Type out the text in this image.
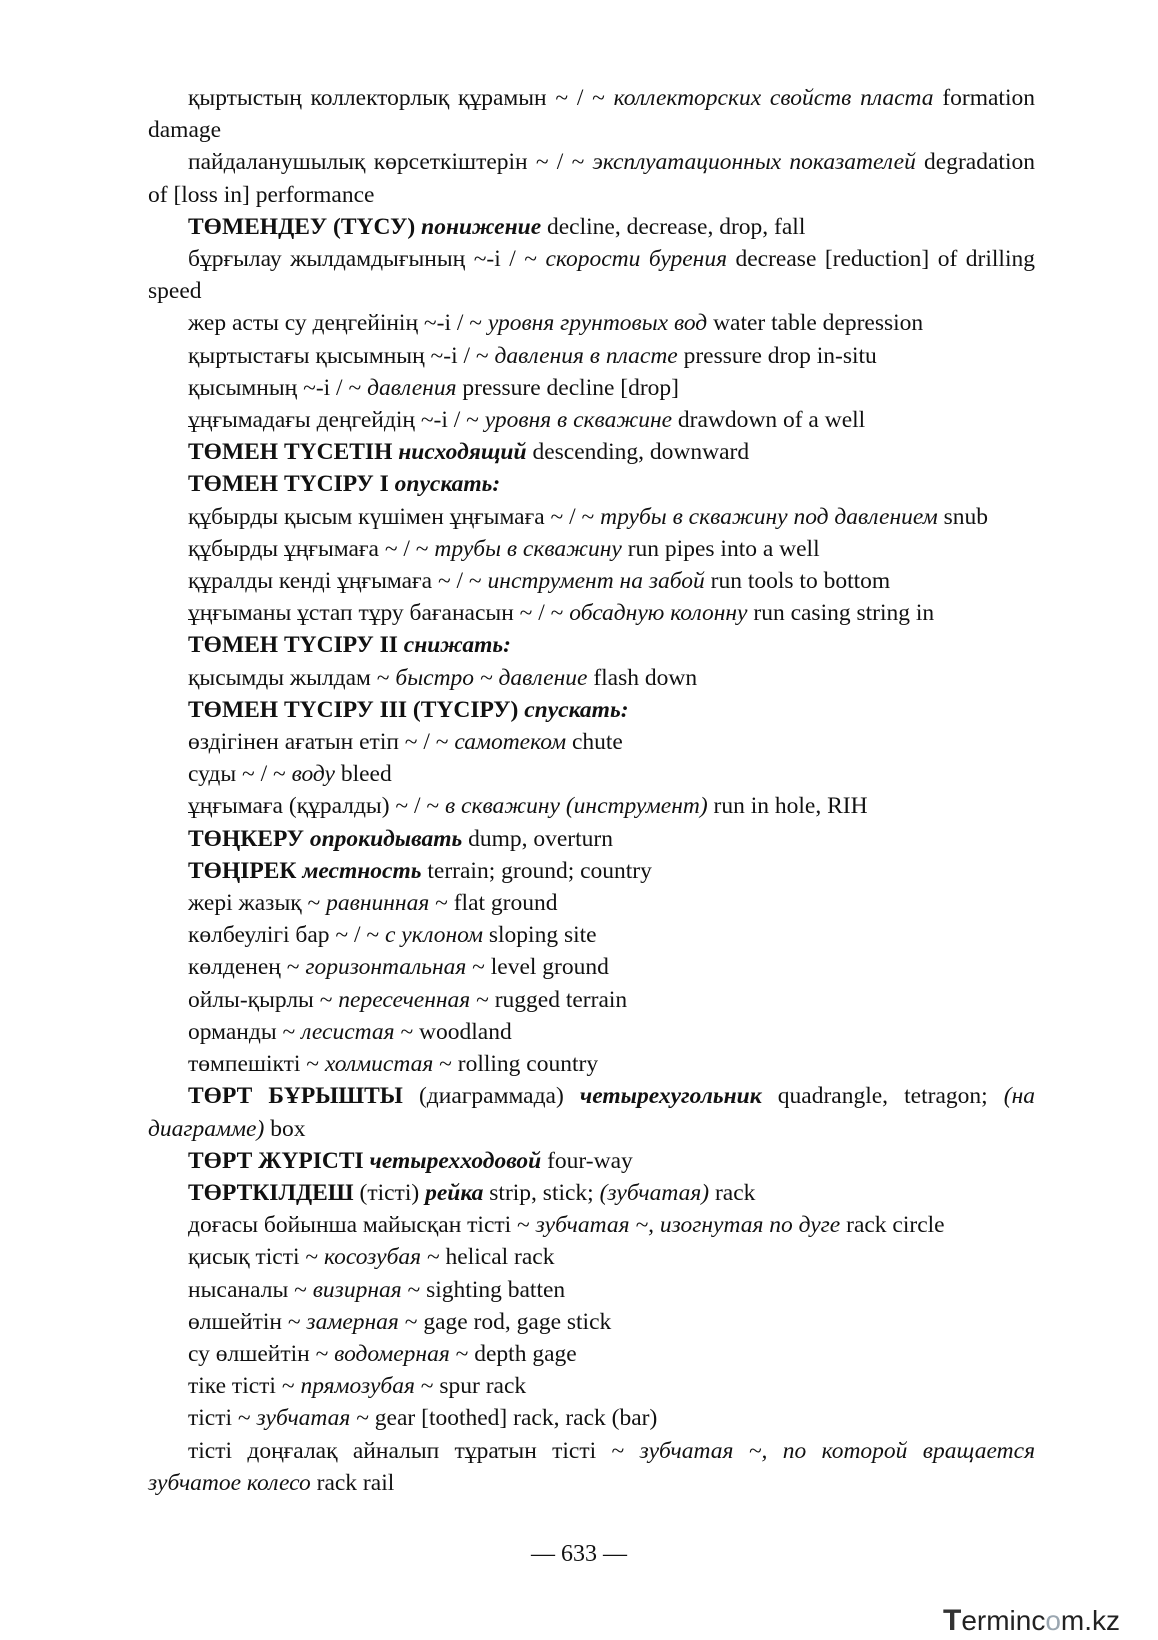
қыртыстың коллекторлық құрамын ~ / ~ коллекторских свойств пласта formation damage

пайдаланушылық көрсеткіштерін ~ / ~ эксплуатационных показателей degradation of [loss in] performance

ТӨМЕНДЕУ (ТҮСУ) понижение decline, decrease, drop, fall

бұрғылау жылдамдығының ~-і / ~ скорости бурения decrease [reduction] of drilling speed

жер асты су деңгейінің ~-і / ~ уровня грунтовых вод water table depression

қыртыстағы қысымның ~-і / ~ давления в пласте pressure drop in-situ

қысымның ~-і / ~ давления pressure decline [drop]

ұңғымадағы деңгейдің ~-і / ~ уровня в скважине drawdown of a well

ТӨМЕН ТҮСЕТІН нисходящий descending, downward

ТӨМЕН ТҮСІРУ І опускать:

құбырды қысым күшімен ұңғымаға ~ / ~ трубы в скважину под давлением snub

құбырды ұңғымаға ~ / ~ трубы в скважину run pipes into a well

құралды кенді ұңғымаға ~ / ~ инструмент на забой run tools to bottom

ұңғыманы ұстап тұру бағанасын ~ / ~ обсадную колонну run casing string in

ТӨМЕН ТҮСІРУ ІІ снижать:

қысымды жылдам ~ быстро ~ давление flash down

ТӨМЕН ТҮСІРУ ІІІ (ТҮСІРУ) спускать:

өздігінен ағатын етіп ~ / ~ самотеком chute

суды ~ / ~ воду bleed

ұңғымаға (құралды) ~ / ~ в скважину (инструмент) run in hole, RIH

ТӨҢКЕРУ опрокидывать dump, overturn

ТӨҢІРЕК местность terrain; ground; country

жері жазық ~ равнинная ~ flat ground

көлбеулігі бар ~ / ~ с уклоном sloping site

көлденең ~ горизонтальная ~ level ground

ойлы-қырлы ~ пересеченная ~ rugged terrain

орманды ~ лесистая ~ woodland

төмпешікті ~ холмистая ~ rolling country

ТӨРТ БҰРЫШТЫ (диаграммада) четырехугольник quadrangle, tetragon; (на диаграмме) box

ТӨРТ ЖҮРІСТІ четырехходовой four-way

ТӨРТКІЛДЕШ (тісті) рейка strip, stick; (зубчатая) rack

доғасы бойынша майысқан тісті ~ зубчатая ~, изогнутая по дуге rack circle

қисық тісті ~ косозубая ~ helical rack

нысаналы ~ визирная ~ sighting batten

өлшейтін ~ замерная ~ gage rod, gage stick

су өлшейтін ~ водомерная ~ depth gage

тіке тісті ~ прямозубая ~ spur rack

тісті ~ зубчатая ~ gear [toothed] rack, rack (bar)

тісті доңғалақ айналып тұратын тісті ~ зубчатая ~, по которой вращается зубчатое колесо rack rail

— 633 —
Termincom.kz
